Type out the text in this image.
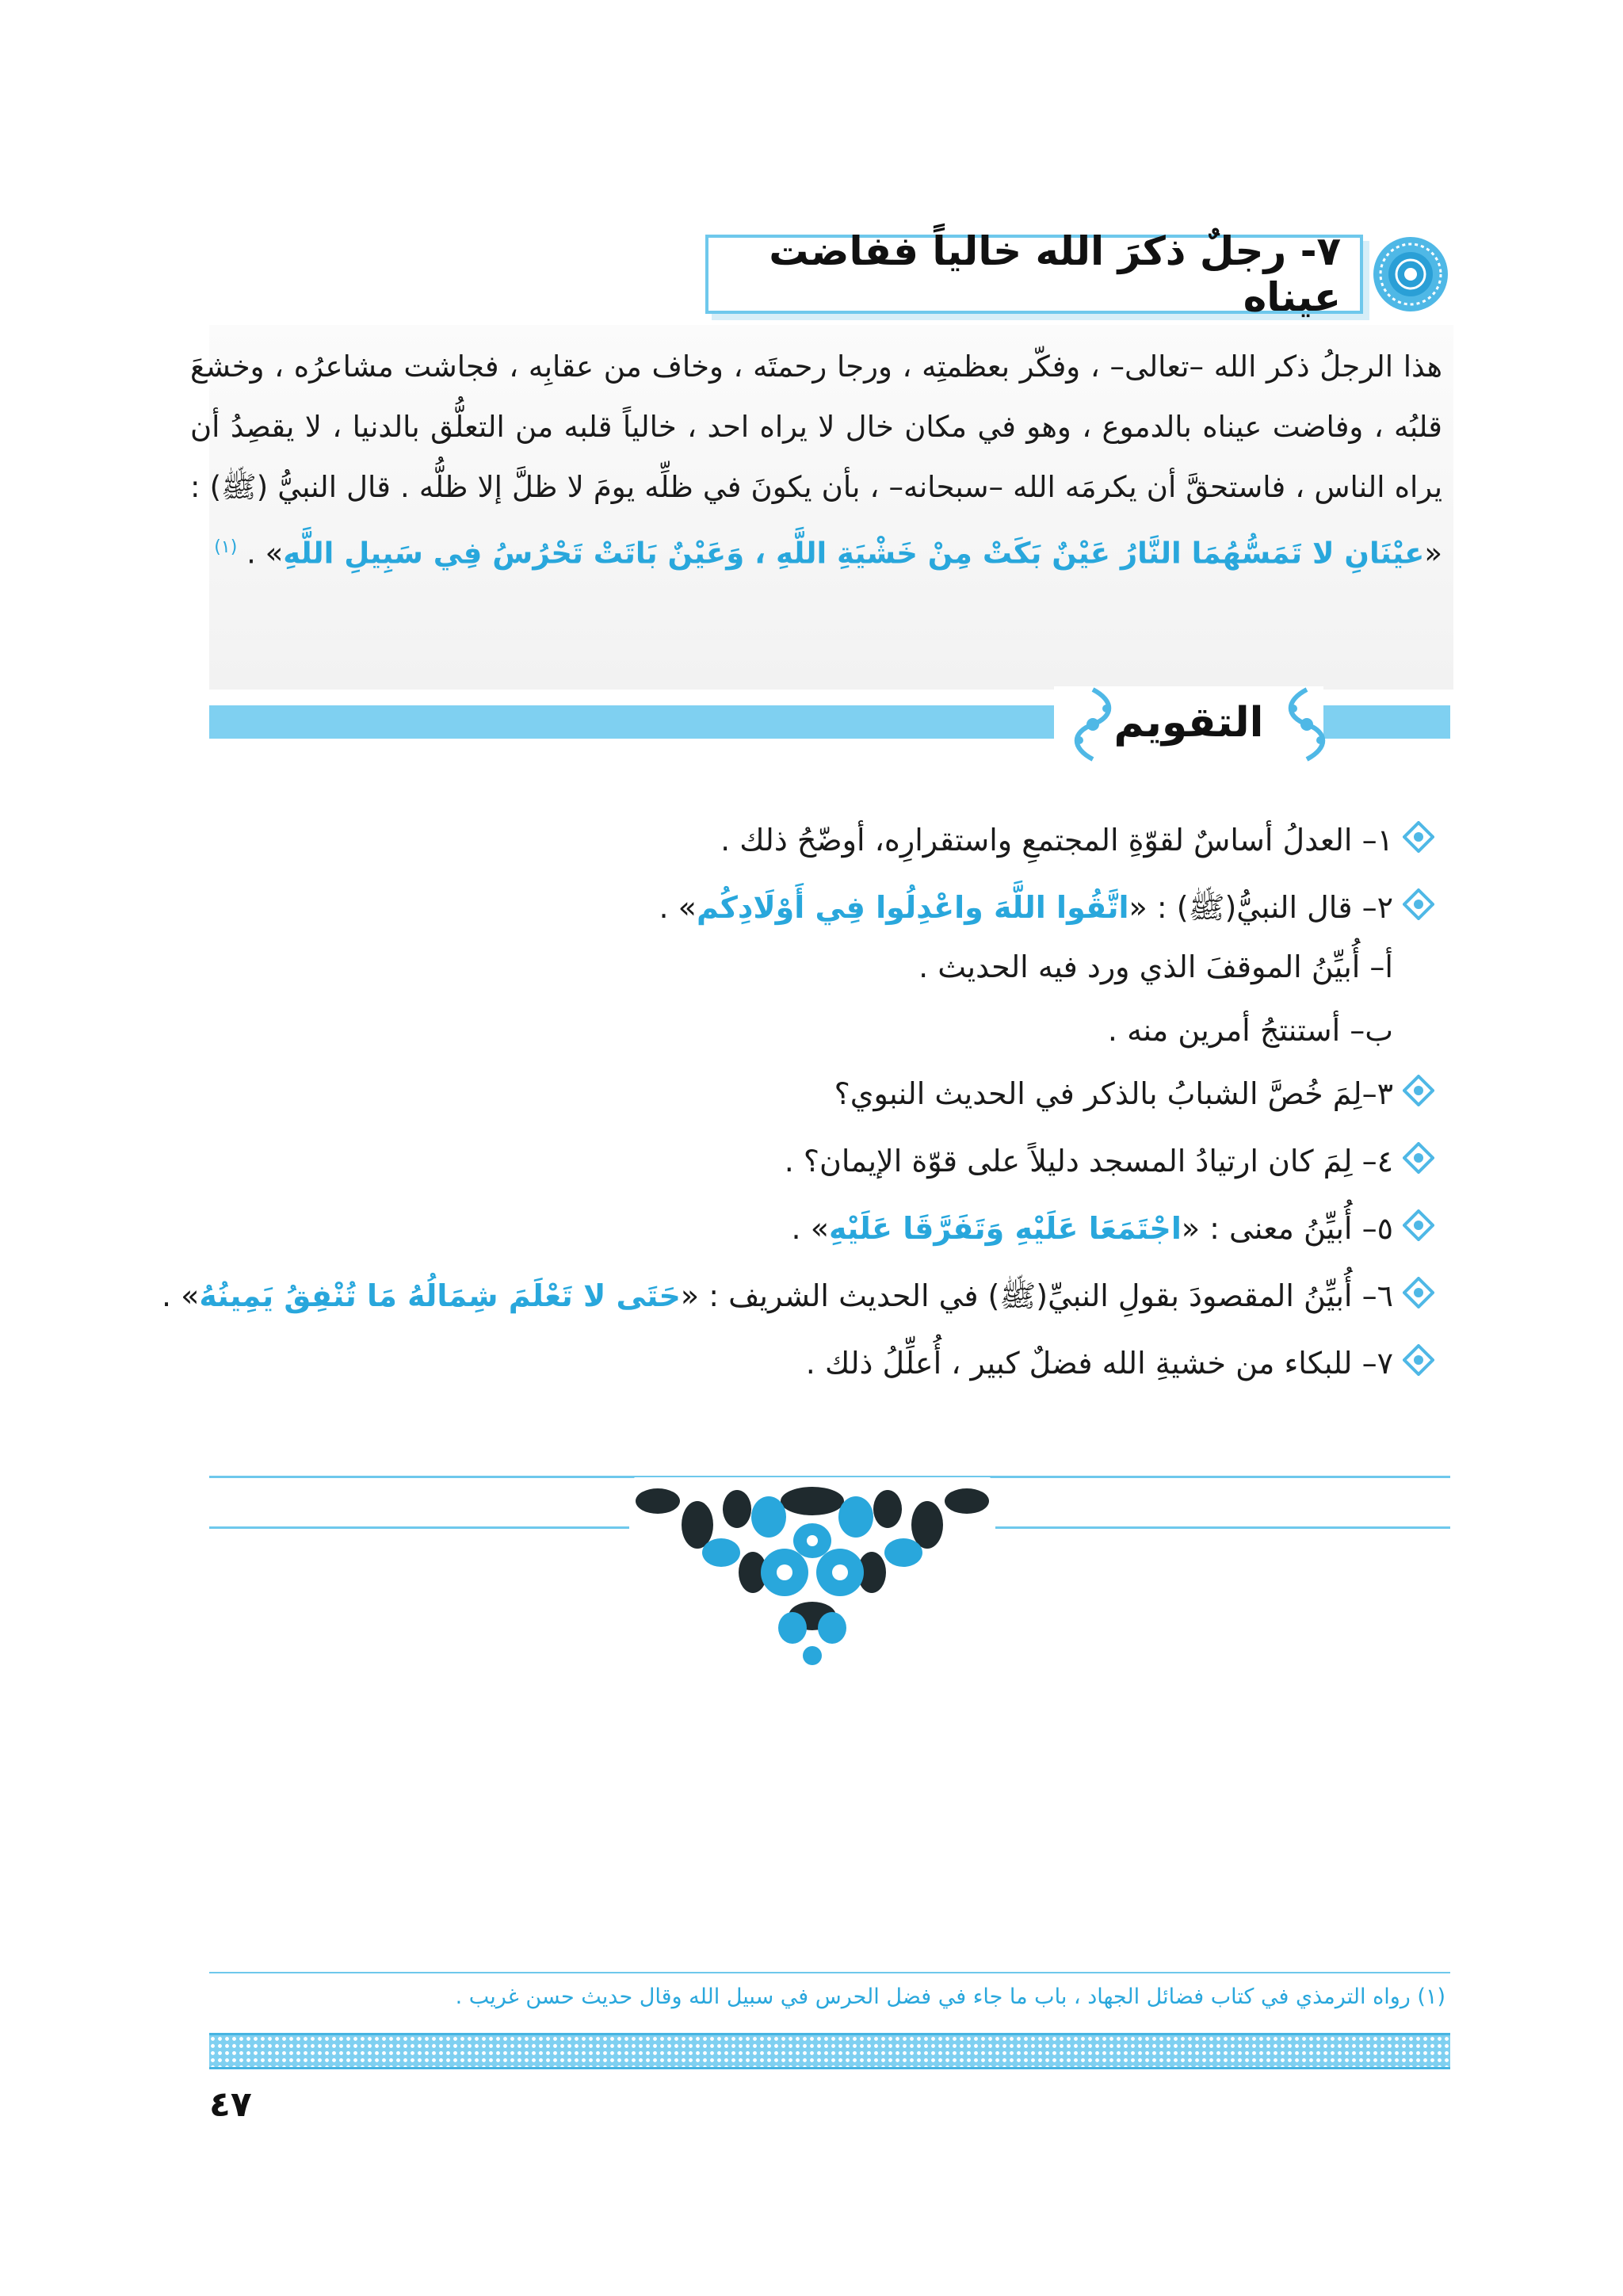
٧- رجلٌ ذكرَ الله خالياً ففاضت عيناه
هذا الرجلُ ذكر الله –تعالى– ، وفكّر بعظمتِه ، ورجا رحمتَه ، وخاف من عقابِه ، فجاشت مشاعرُه ، وخشعَ قلبُه ، وفاضت عيناه بالدموع ، وهو في مكان خال لا يراه احد ، خالياً قلبه من التعلُّق بالدنيا ، لا يقصِدُ أن يراه الناس ، فاستحقَّ أن يكرمَه الله –سبحانه– ، بأن يكونَ في ظلِّه يومَ لا ظلَّ إلا ظلُّه . قال النبيُّ (ﷺ) : «عيْنَانِ لا تَمَسُّهُمَا النَّارُ عَيْنٌ بَكَتْ مِنْ خَشْيَةِ اللَّهِ ، وَعَيْنٌ بَاتَتْ تَحْرُسُ فِي سَبِيلِ اللَّهِ» . $^{(١)}$
التقويم
١– العدلُ أساسٌ لقوّةِ المجتمعِ واستقرارِه، أوضّحُ ذلك .
٢– قال النبيُّ(ﷺ) : «اتَّقُوا اللَّهَ واعْدِلُوا فِي أَوْلَادِكُم» .
أ– أُبيِّنُ الموقفَ الذي ورد فيه الحديث .
ب– أستنتجُ أمرين منه .
٣–لِمَ خُصَّ الشبابُ بالذكر في الحديث النبوي؟
٤– لِمَ كان ارتيادُ المسجد دليلاً على قوّة الإيمان؟ .
٥– أُبيِّنُ معنى : «اجْتَمَعَا عَلَيْهِ وَتَفَرَّقَا عَلَيْهِ» .
٦– أُبيِّنُ المقصودَ بقولِ النبيِّ(ﷺ) في الحديث الشريف : «حَتَى لا تَعْلَمَ شِمَالُهُ مَا تُنْفِقُ يَمِينُهُ» .
٧– للبكاء من خشيةِ الله فضلٌ كبير ، أُعلِّلُ ذلك .
(١) رواه الترمذي في كتاب فضائل الجهاد ، باب ما جاء في فضل الحرس في سبيل الله وقال حديث حسن غريب .
٤٧
